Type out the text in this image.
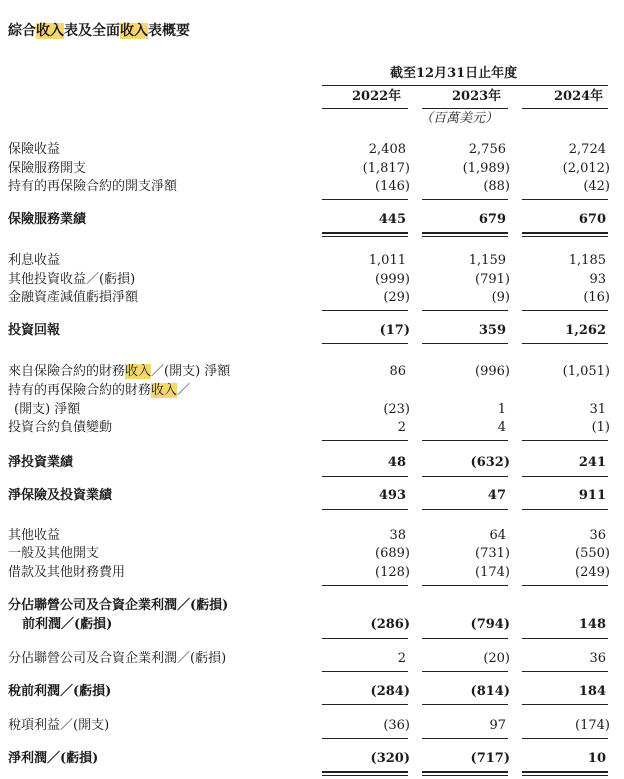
綜合收入表及全面收入表概要
截至12月31日止年度
2022年	2023年	2024年
（百萬美元）
保險收益	2,408	2,756	2,724
保險服務開支	(1,817)	(1,989)	(2,012)
持有的再保險合約的開支淨額	(146)	(88)	(42)
保險服務業績	445	679	670
利息收益	1,011	1,159	1,185
其他投資收益／(虧損)	(999)	(791)	93
金融資產減值虧損淨額	(29)	(9)	(16)
投資回報	(17)	359	1,262
來自保險合約的財務收入／(開支) 淨額	86	(996)	(1,051)
持有的再保險合約的財務收入／
(開支) 淨額	(23)	1	31
投資合約負債變動	2	4	(1)
淨投資業績	48	(632)	241
淨保險及投資業績	493	47	911
其他收益	38	64	36
一般及其他開支	(689)	(731)	(550)
借款及其他財務費用	(128)	(174)	(249)
分佔聯營公司及合資企業利潤／(虧損)
前利潤／(虧損)	(286)	(794)	148
分佔聯營公司及合資企業利潤／(虧損)	2	(20)	36
稅前利潤／(虧損)	(284)	(814)	184
稅項利益／(開支)	(36)	97	(174)
淨利潤／(虧損)	(320)	(717)	10
